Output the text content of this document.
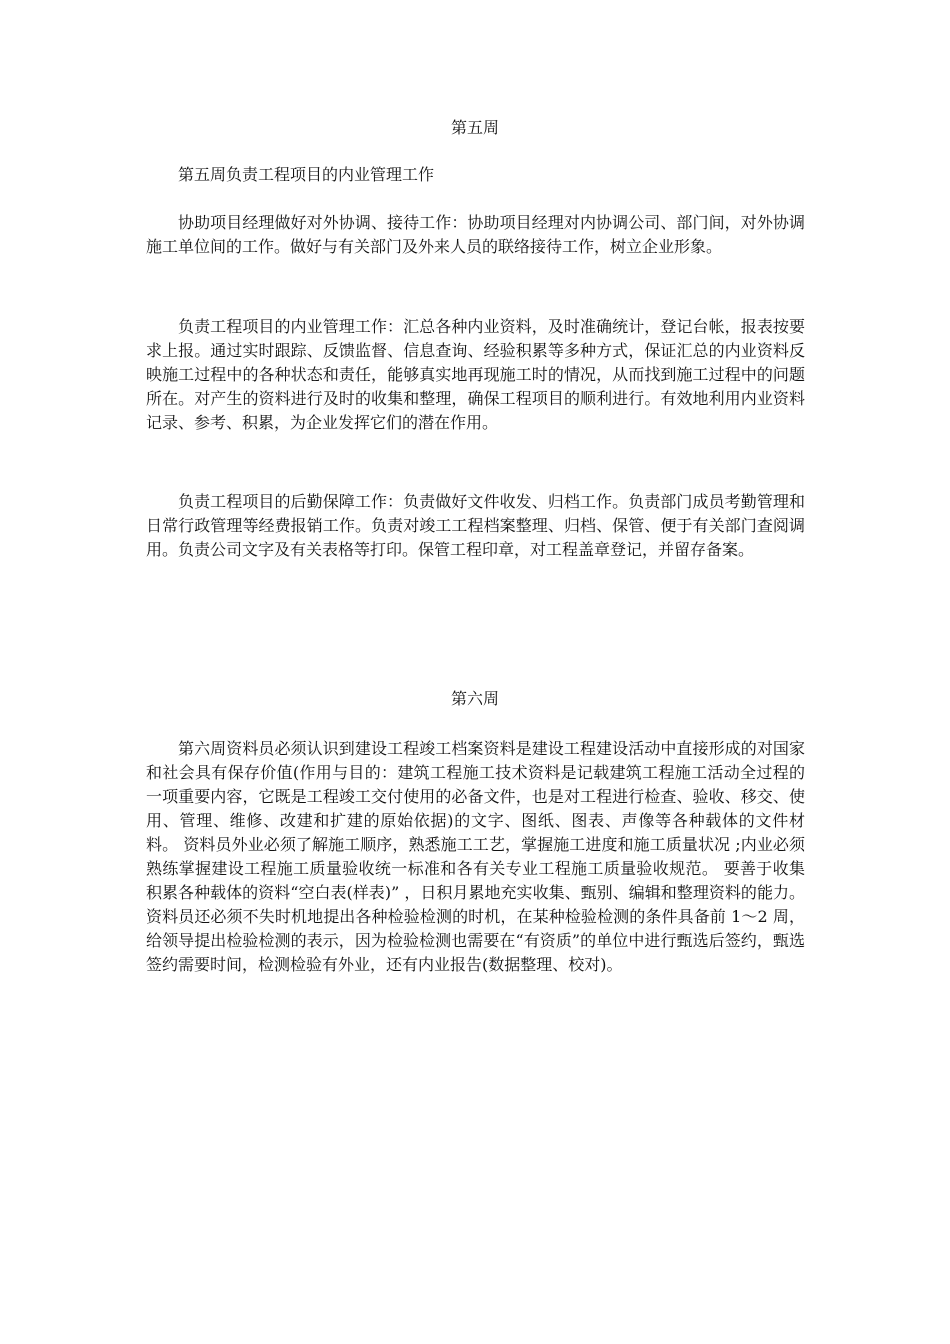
第五周

第五周负责工程项目的内业管理工作

协助项目经理做好对外协调、接待工作：协助项目经理对内协调公司、部门间，对外协调施工单位间的工作。做好与有关部门及外来人员的联络接待工作，树立企业形象。

负责工程项目的内业管理工作：汇总各种内业资料，及时准确统计，登记台帐，报表按要求上报。通过实时跟踪、反馈监督、信息查询、经验积累等多种方式，保证汇总的内业资料反映施工过程中的各种状态和责任，能够真实地再现施工时的情况，从而找到施工过程中的问题所在。对产生的资料进行及时的收集和整理，确保工程项目的顺利进行。有效地利用内业资料记录、参考、积累，为企业发挥它们的潜在作用。

负责工程项目的后勤保障工作：负责做好文件收发、归档工作。负责部门成员考勤管理和日常行政管理等经费报销工作。负责对竣工工程档案整理、归档、保管、便于有关部门查阅调用。负责公司文字及有关表格等打印。保管工程印章，对工程盖章登记，并留存备案。

第六周

第六周资料员必须认识到建设工程竣工档案资料是建设工程建设活动中直接形成的对国家和社会具有保存价值(作用与目的：建筑工程施工技术资料是记载建筑工程施工活动全过程的一项重要内容，它既是工程竣工交付使用的必备文件，也是对工程进行检查、验收、移交、使用、管理、维修、改建和扩建的原始依据)的文字、图纸、图表、声像等各种载体的文件材料。 资料员外业必须了解施工顺序，熟悉施工工艺，掌握施工进度和施工质量状况 ;内业必须熟练掌握建设工程施工质量验收统一标准和各有关专业工程施工质量验收规范。 要善于收集积累各种载体的资料“空白表(样表)” ，日积月累地充实收集、甄别、编辑和整理资料的能力。资料员还必须不失时机地提出各种检验检测的时机，在某种检验检测的条件具备前 1～2 周，给领导提出检验检测的表示，因为检验检测也需要在“有资质”的单位中进行甄选后签约，甄选签约需要时间，检测检验有外业，还有内业报告(数据整理、校对)。
